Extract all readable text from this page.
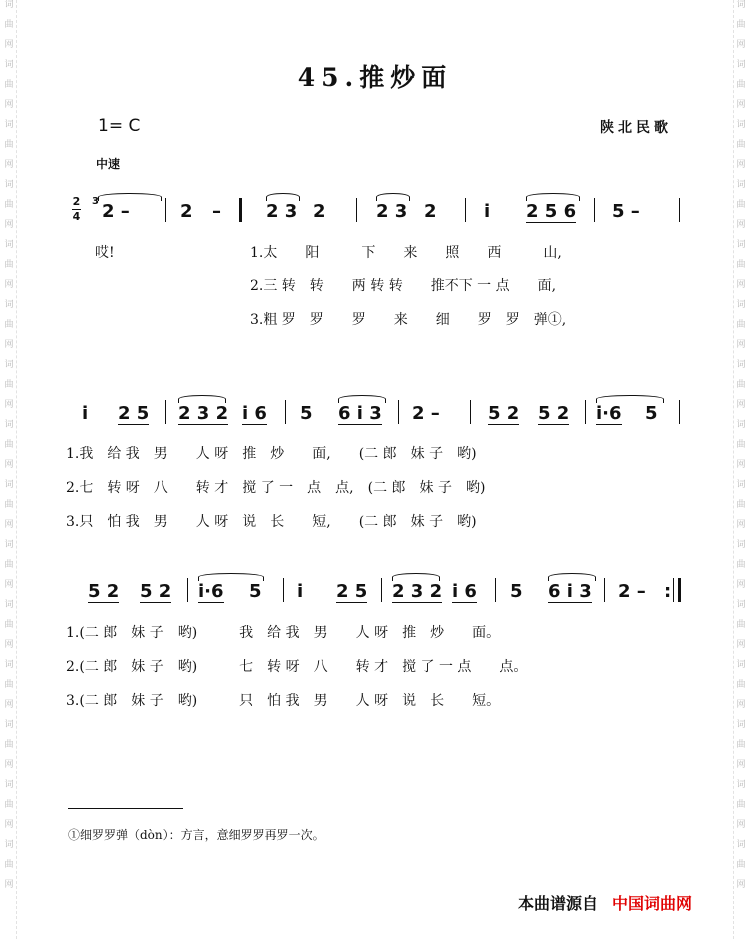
词
曲
网
词
曲
网
词
曲
网
词
曲
网
词
曲
网
词
曲
网
词
曲
网
词
曲
网
词
曲
网
词
曲
网
词
曲
网
词
曲
网
词
曲
网
词
曲
网
词
曲
网
词
曲
网
词
曲
网
词
曲
网
词
曲
网
词
曲
网
词
曲
网
词
曲
网
词
曲
网
词
曲
网
词
曲
网
词
曲
网
词
曲
网
词
曲
网
词
曲
网
词
曲
网
45.推炒面
1= C	陕北民歌
中速
2
4
3 2 –	2 –	2 3 2	2 3 2	i 2 5 6 5 –
哎!	1.太　　阳　　　下　　来　　照　　西　　　山,
2.三 转　转　　两 转 转　　推不下 一 点　　面,
3.粗 罗　罗　　罗　　来　　细　　罗　罗　弹①,
i 2 5 2 3 2 i 6 5 6 i 3 2 –	5 2 5 2 i·6 5
1.我　给 我　男　　人 呀　推　炒　　面,　　(二 郎　妹 子　哟)
2.七　转 呀　八　　转 才　搅 了 一　点　点,　(二 郎　妹 子　哟)
3.只　怕 我　男　　人 呀　说　长　　短,　　(二 郎　妹 子　哟)
5 2 5 2 i·6 5 i 2 5 2 3 2 i 6 5 6 i 3 2 – :
1.(二 郎　妹 子　哟)　　　我　给 我　男　　人 呀　推　炒　　面。
2.(二 郎　妹 子　哟)　　　七　转 呀　八　　转 才　搅 了 一 点　　点。
3.(二 郎　妹 子　哟)　　　只　怕 我　男　　人 呀　说　长　　短。
①细罗罗弹（dòn）：方言，意细罗罗再罗一次。
本曲谱源自 中国词曲网
